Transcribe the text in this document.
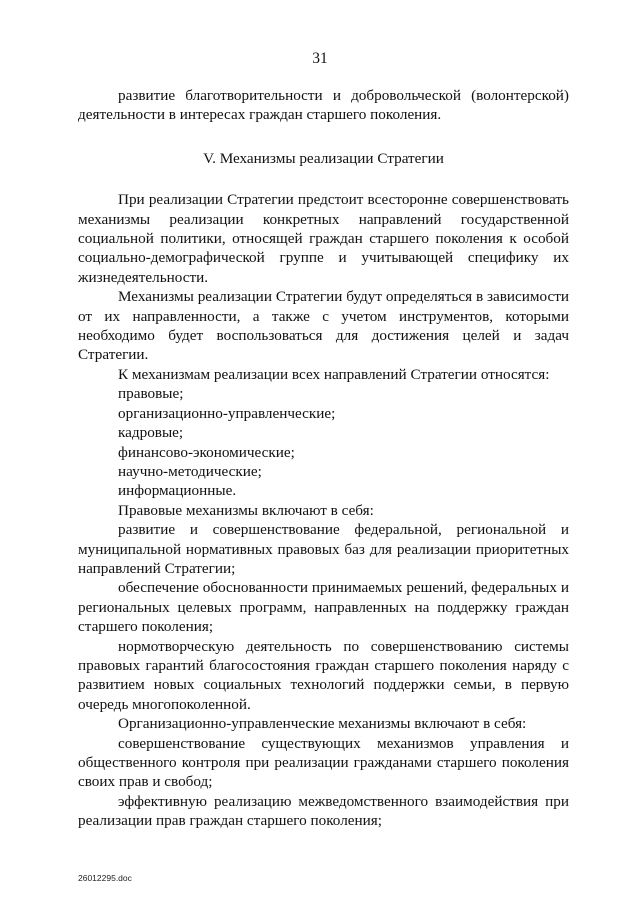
31

развитие благотворительности и добровольческой (волонтерской) деятельности в интересах граждан старшего поколения.

V. Механизмы реализации Стратегии

При реализации Стратегии предстоит всесторонне совершенствовать механизмы реализации конкретных направлений государственной социальной политики, относящей граждан старшего поколения к особой социально-демографической группе и учитывающей специфику их жизнедеятельности.

Механизмы реализации Стратегии будут определяться в зависимости от их направленности, а также с учетом инструментов, которыми необходимо будет воспользоваться для достижения целей и задач Стратегии.

К механизмам реализации всех направлений Стратегии относятся:

правовые;

организационно-управленческие;

кадровые;

финансово-экономические;

научно-методические;

информационные.

Правовые механизмы включают в себя:

развитие и совершенствование федеральной, региональной и муниципальной нормативных правовых баз для реализации приоритетных направлений Стратегии;

обеспечение обоснованности принимаемых решений, федеральных и региональных целевых программ, направленных на поддержку граждан старшего поколения;

нормотворческую деятельность по совершенствованию системы правовых гарантий благосостояния граждан старшего поколения наряду с развитием новых социальных технологий поддержки семьи, в первую очередь многопоколенной.

Организационно-управленческие механизмы включают в себя:

совершенствование существующих механизмов управления и общественного контроля при реализации гражданами старшего поколения своих прав и свобод;

эффективную реализацию межведомственного взаимодействия при реализации прав граждан старшего поколения;

26012295.doc
